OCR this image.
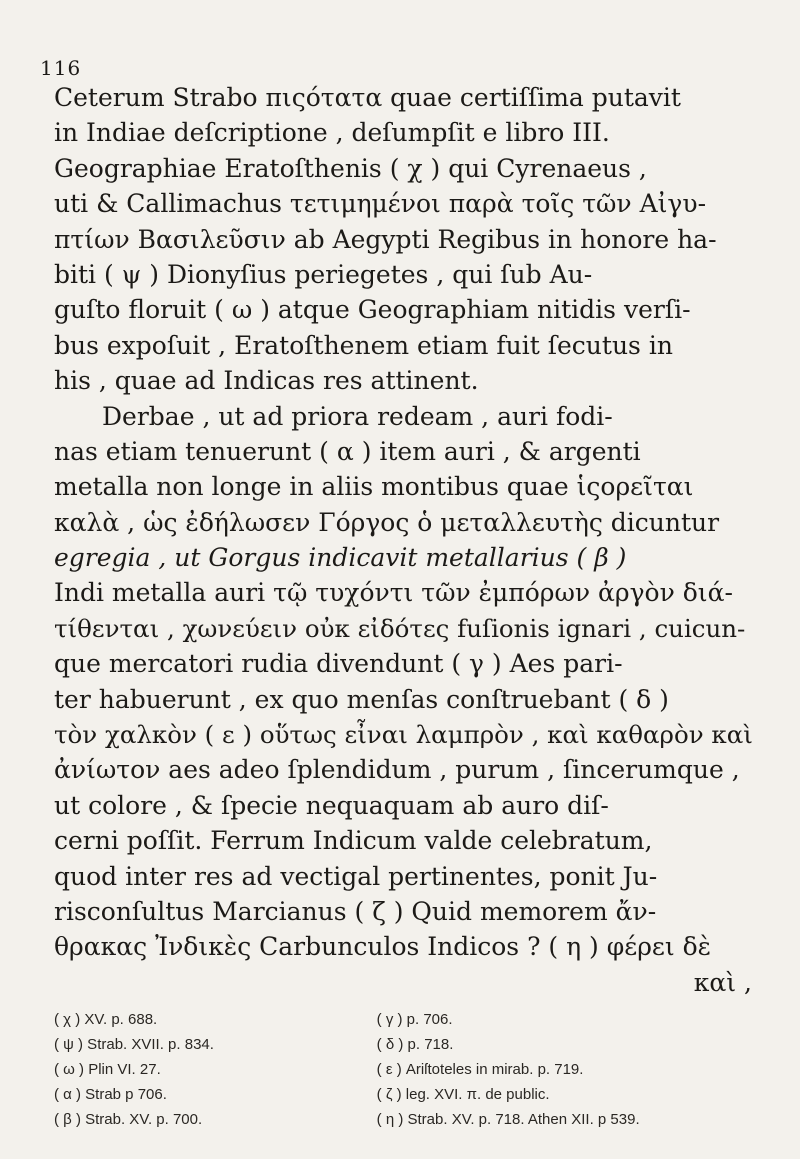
116
Ceterum Strabo πιςότατα quae certiſſima putavit
in Indiae deſcriptione , deſumpſit e libro III.
Geographiae Eratoſthenis ( χ ) qui Cyrenaeus ,
uti & Callimachus τετιμημένοι παρὰ τοῖς τῶν Αἰγυ-
πτίων Βασιλεῦσιν ab Aegypti Regibus in honore ha-
biti ( ψ ) Dionyſius periegetes , qui ſub Au-
guſto floruit ( ω ) atque Geographiam nitidis verſi-
bus expoſuit , Eratoſthenem etiam fuit ſecutus in
his , quae ad Indicas res attinent.
Derbae , ut ad priora redeam , auri fodi-
nas etiam tenuerunt ( α ) item auri , & argenti
metalla non longe in aliis montibus quae ἱςορεῖται
καλὰ , ὡς ἐδήλωσεν Γόργος ὁ μεταλλευτὴς dicuntur
egregia , ut Gorgus indicavit metallarius ( β )
Indi metalla auri τῷ τυχόντι τῶν ἐμπόρων ἀργὸν διά-
τίθενται , χωνεύειν οὐκ εἰδότες fuſionis ignari , cuicun-
que mercatori rudia divendunt ( γ ) Aes pari-
ter habuerunt , ex quo menſas conſtruebant ( δ )
τὸν χαλκὸν ( ε ) οὕτως εἶναι λαμπρὸν , καὶ καθαρὸν καὶ
ἀνίωτον aes adeo ſplendidum , purum , ſincerumque ,
ut colore , & ſpecie nequaquam ab auro diſ-
cerni poſſit. Ferrum Indicum valde celebratum,
quod inter res ad vectigal pertinentes, ponit Ju-
risconſultus Marcianus ( ζ ) Quid memorem ἄν-
θρακας Ἰνδικὲς Carbunculos Indicos ? ( η ) φέρει δὲ
καὶ ,
( χ ) XV. p. 688.
( ψ ) Strab. XVII. p. 834.
( ω ) Plin VI. 27.
( α ) Strab p 706.
( β ) Strab. XV. p. 700.
( γ ) p. 706.
( δ ) p. 718.
( ε ) Ariſtoteles in mirab. p. 719.
( ζ ) leg. XVI. π. de public.
( η ) Strab. XV. p. 718. Athen XII. p 539.
